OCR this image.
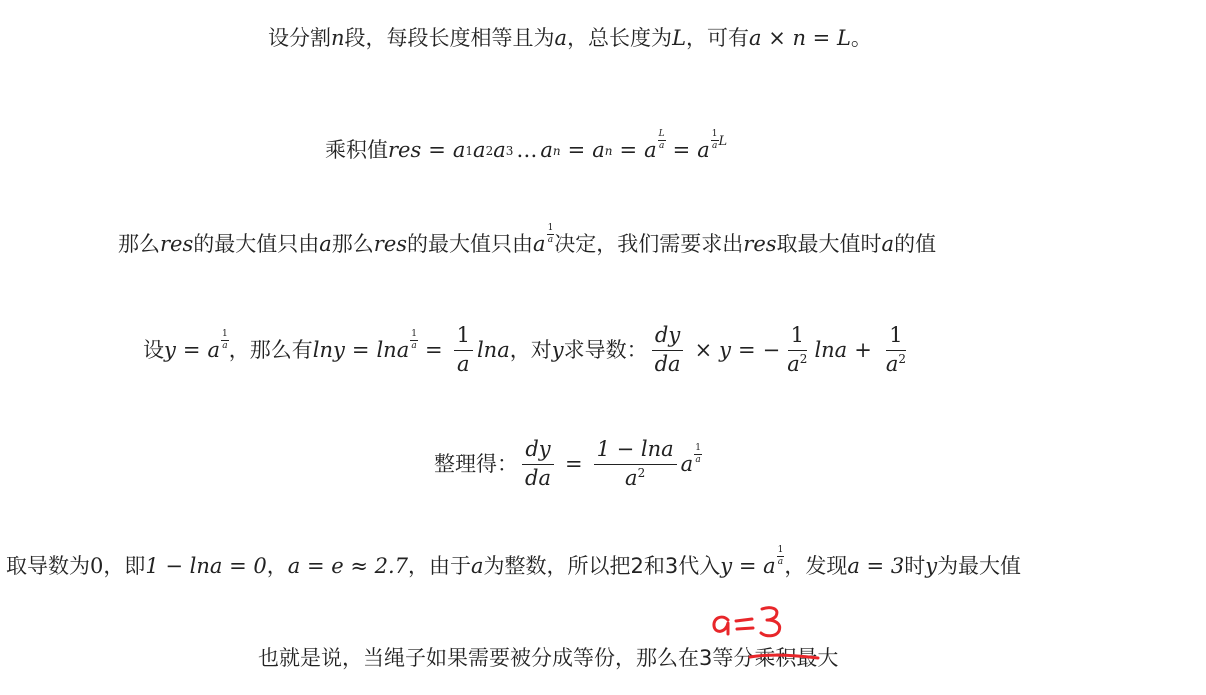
设分割 n 段，每段长度相等且为 a ，总长度为 L ，可有 a × n = L 。
乘积值 res = a 1 a 2 a 3 … a n = a n = a $\frac{L}{a} = a \frac{1}{a}$ L
那么 res 的最大值只由 a 那么 res 的最大值只由 a $\frac{1}{a}$ 决定，我们需要求出 res 取最大值时 a 的值
设 y = a $\frac{1}{a}$ ，那么有 lny = lna $\frac{1}{a} = \frac{1}{a}$ lna ，对 y 求导数： $\frac{dy}{da} \times y$ = − $\frac{1}{a^2}$ $\ln a + \frac{1}{a^2}$
整理得： $\frac{dy}{da} = \frac{1 - \ln a}{a^2}$ a $\frac{1}{a}$
取导数为 0 ，即 1 − lna = 0 ， a = e ≈ 2.7 ，由于 a 为整数，所以把2和3代入 y = a $\frac{1}{a}$ ，发现 a = 3 时 y 为最大值
也就是说，当绳子如果需要被分成等份，那么在 3等分 乘积最大
